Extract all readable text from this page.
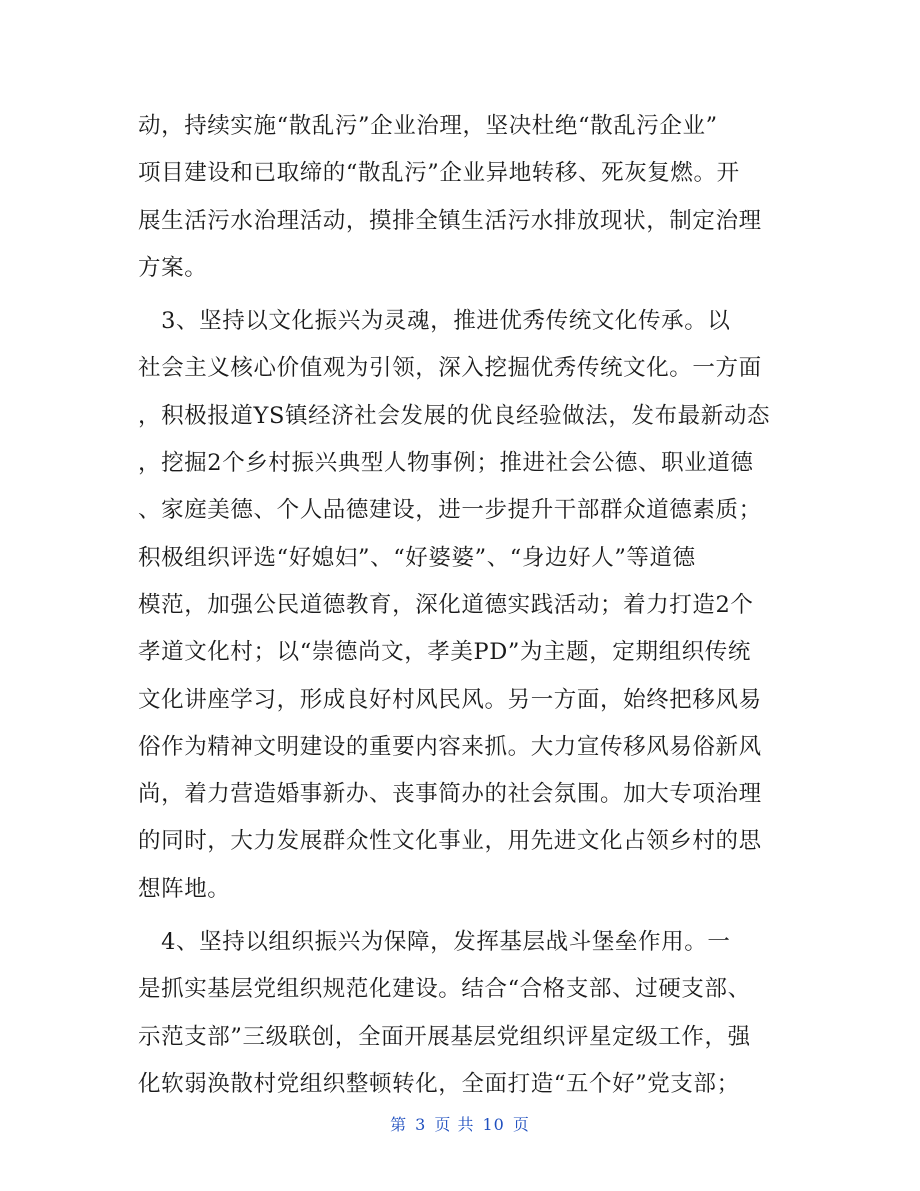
动，持续实施“散乱污”企业治理，坚决杜绝“散乱污企业”
项目建设和已取缔的“散乱污”企业异地转移、死灰复燃。开
展生活污水治理活动，摸排全镇生活污水排放现状，制定治理
方案。
　3、坚持以文化振兴为灵魂，推进优秀传统文化传承。以
社会主义核心价值观为引领，深入挖掘优秀传统文化。一方面
，积极报道YS镇经济社会发展的优良经验做法，发布最新动态
，挖掘2个乡村振兴典型人物事例；推进社会公德、职业道德
、家庭美德、个人品德建设，进一步提升干部群众道德素质；
积极组织评选“好媳妇”、“好婆婆”、“身边好人”等道德
模范，加强公民道德教育，深化道德实践活动；着力打造2个
孝道文化村；以“崇德尚文，孝美PD”为主题，定期组织传统
文化讲座学习，形成良好村风民风。另一方面，始终把移风易
俗作为精神文明建设的重要内容来抓。大力宣传移风易俗新风
尚，着力营造婚事新办、丧事简办的社会氛围。加大专项治理
的同时，大力发展群众性文化事业，用先进文化占领乡村的思
想阵地。
　4、坚持以组织振兴为保障，发挥基层战斗堡垒作用。一
是抓实基层党组织规范化建设。结合“合格支部、过硬支部、
示范支部”三级联创，全面开展基层党组织评星定级工作，强
化软弱涣散村党组织整顿转化，全面打造“五个好”党支部；
第 3 页 共 10 页
